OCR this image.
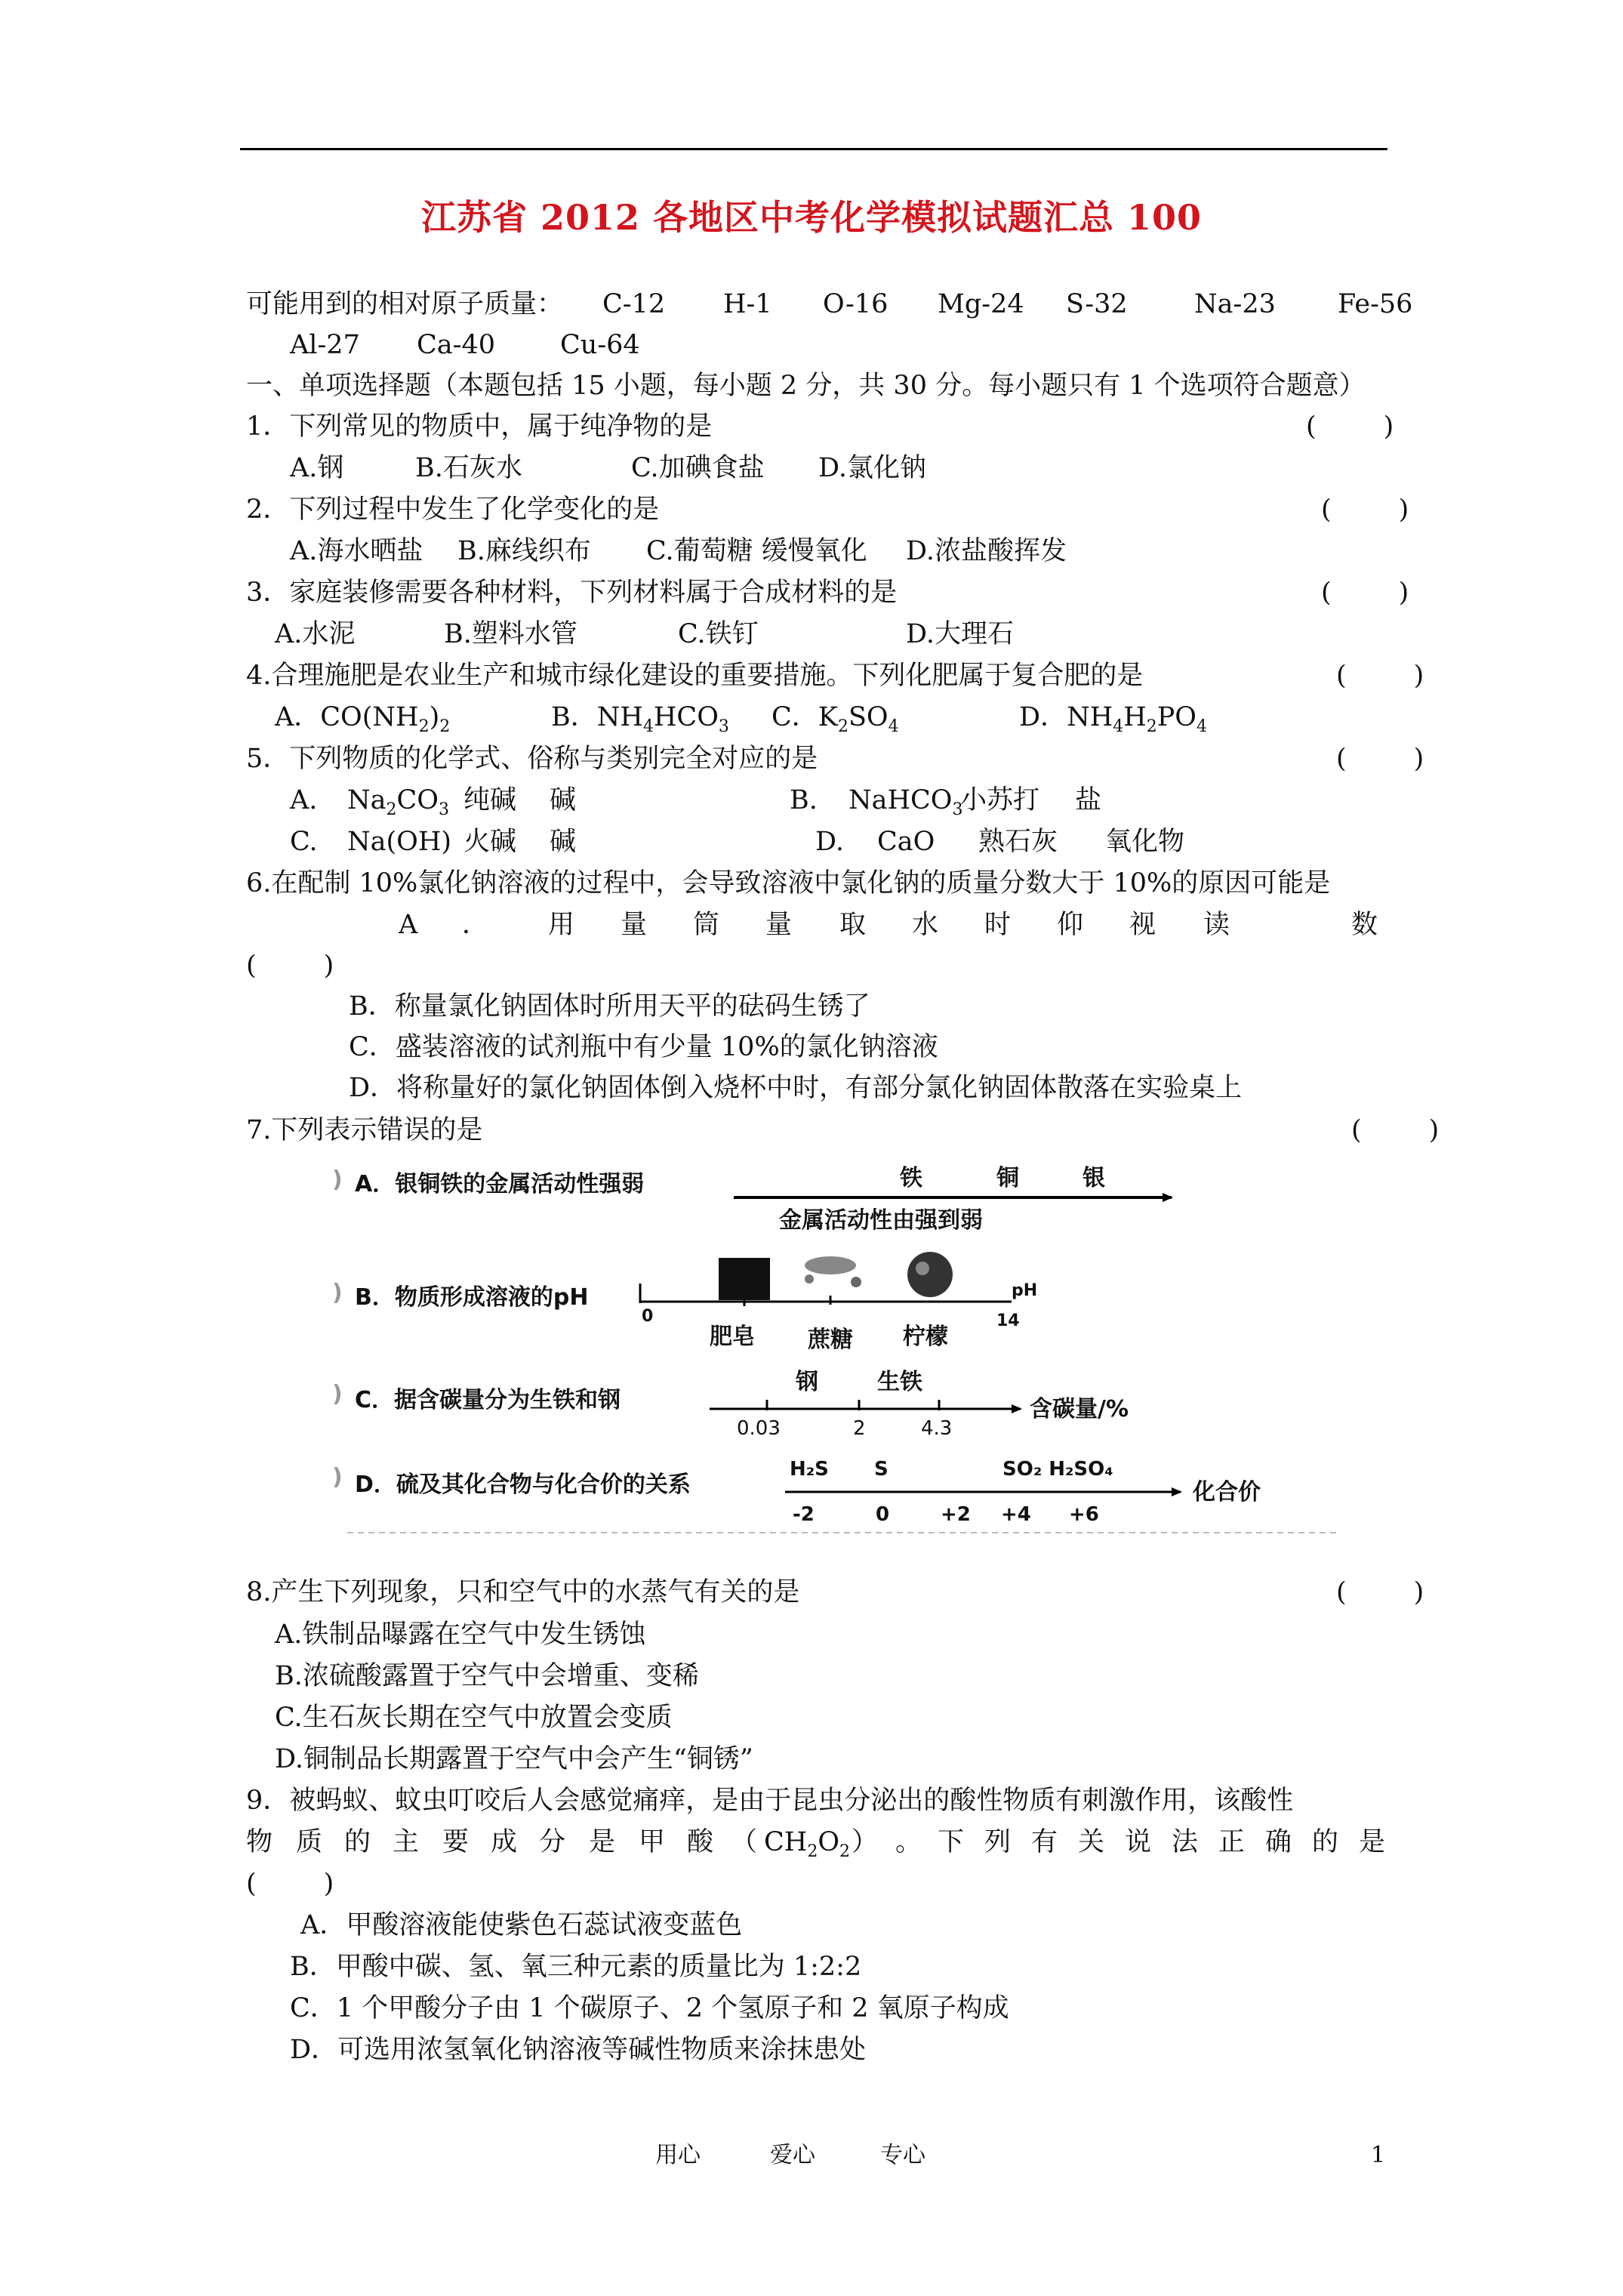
江苏省 2012 各地区中考化学模拟试题汇总 100
可能用到的相对原子质量： C-12 H-1 O-16 Mg-24 S-32	Na-23 Fe-56
Al-27 Ca-40 Cu-64
一、单项选择题（本题包括 15 小题，每小题 2 分，共 30 分。每小题只有 1 个选项符合题意）
1．下列常见的物质中，属于纯净物的是	(        )
A.钢	B.石灰水	C.加碘食盐 D.氯化钠
2．下列过程中发生了化学变化的是	(        )
A.海水晒盐 B.麻线织布 C.葡萄糖 缓慢氧化 D.浓盐酸挥发
3．家庭装修需要各种材料，下列材料属于合成材料的是	(        )
A.水泥	B.塑料水管	C.铁钉	D.大理石
4.合理施肥是农业生产和城市绿化建设的重要措施。下列化肥属于复合肥的是	(        )
A．$CO(NH_2)_2$	B．$NH_4HCO_3$ C．$K_2SO_4$	D．$NH_4H_2PO_4$
5．下列物质的化学式、俗称与类别完全对应的是	(        )
A. $Na_2CO_3$ 纯碱 碱	B. NaHCO$_3$
小苏打 盐
C. Na(OH) 火碱 碱	D. CaO 熟石灰 氧化物
6.在配制 10%氯化钠溶液的过程中，会导致溶液中氯化钠的质量分数大于 10%的原因可能是
A ． 用 量 筒 量 取 水 时 仰 视 读	数
(        )
B．称量氯化钠固体时所用天平的砝码生锈了
C．盛装溶液的试剂瓶中有少量 10%的氯化钠溶液
D．将称量好的氯化钠固体倒入烧杯中时，有部分氯化钠固体散落在实验桌上
7.下列表示错误的是	(        )
) A．银铜铁的金属活动性强弱	铁	铜	银
金属活动性由强到弱
) B．物质形成溶液的pH
0	14
pH
肥皂 蔗糖 柠檬
) C．据含碳量分为生铁和钢
钢	生铁
0.03	2	4.3
含碳量/%
) D．硫及其化合物与化合价的关系
H₂S S	SO₂ H₂SO₄
-2	0	+2 +4 +6
化合价
8.产生下列现象，只和空气中的水蒸气有关的是	(        )
A.铁制品曝露在空气中发生锈蚀
B.浓硫酸露置于空气中会增重、变稀
C.生石灰长期在空气中放置会变质
D.铜制品长期露置于空气中会产生“铜锈”
9．被蚂蚁、蚊虫叮咬后人会感觉痛痒，是由于昆虫分泌出的酸性物质有刺激作用，该酸性
物 质 的 主 要 成 分 是 甲 酸 （ $CH_2O_2$ ） 。 下 列 有 关 说 法 正 确 的 是
(        )
A．甲酸溶液能使紫色石蕊试液变蓝色
B．甲酸中碳、氢、氧三种元素的质量比为 1:2:2
C．1 个甲酸分子由 1 个碳原子、2 个氢原子和 2 氧原子构成
D．可选用浓氢氧化钠溶液等碱性物质来涂抹患处
用心	爱心	专心	1
